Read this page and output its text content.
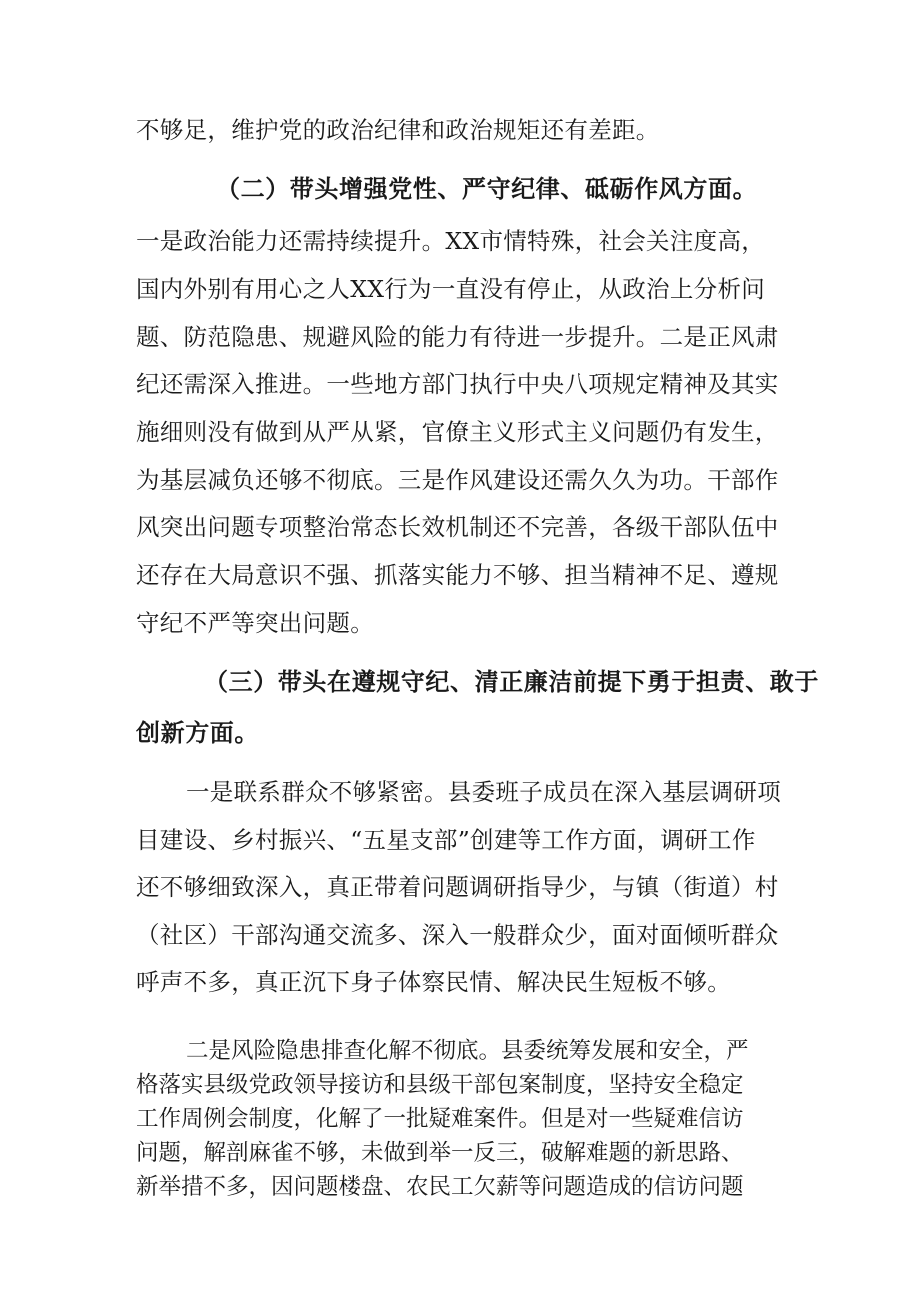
不够足，维护党的政治纪律和政治规矩还有差距。
（二）带头增强党性、严守纪律、砥砺作风方面。
一是政治能力还需持续提升。XX市情特殊，社会关注度高，
国内外别有用心之人XX行为一直没有停止，从政治上分析问
题、防范隐患、规避风险的能力有待进一步提升。二是正风肃
纪还需深入推进。一些地方部门执行中央八项规定精神及其实
施细则没有做到从严从紧，官僚主义形式主义问题仍有发生，
为基层减负还够不彻底。三是作风建设还需久久为功。干部作
风突出问题专项整治常态长效机制还不完善，各级干部队伍中
还存在大局意识不强、抓落实能力不够、担当精神不足、遵规
守纪不严等突出问题。
（三）带头在遵规守纪、清正廉洁前提下勇于担责、敢于
创新方面。
一是联系群众不够紧密。县委班子成员在深入基层调研项
目建设、乡村振兴、“五星支部”创建等工作方面，调研工作
还不够细致深入，真正带着问题调研指导少，与镇（街道）村
（社区）干部沟通交流多、深入一般群众少，面对面倾听群众
呼声不多，真正沉下身子体察民情、解决民生短板不够。
二是风险隐患排查化解不彻底。县委统筹发展和安全，严
格落实县级党政领导接访和县级干部包案制度，坚持安全稳定
工作周例会制度，化解了一批疑难案件。但是对一些疑难信访
问题，解剖麻雀不够，未做到举一反三，破解难题的新思路、
新举措不多，因问题楼盘、农民工欠薪等问题造成的信访问题
